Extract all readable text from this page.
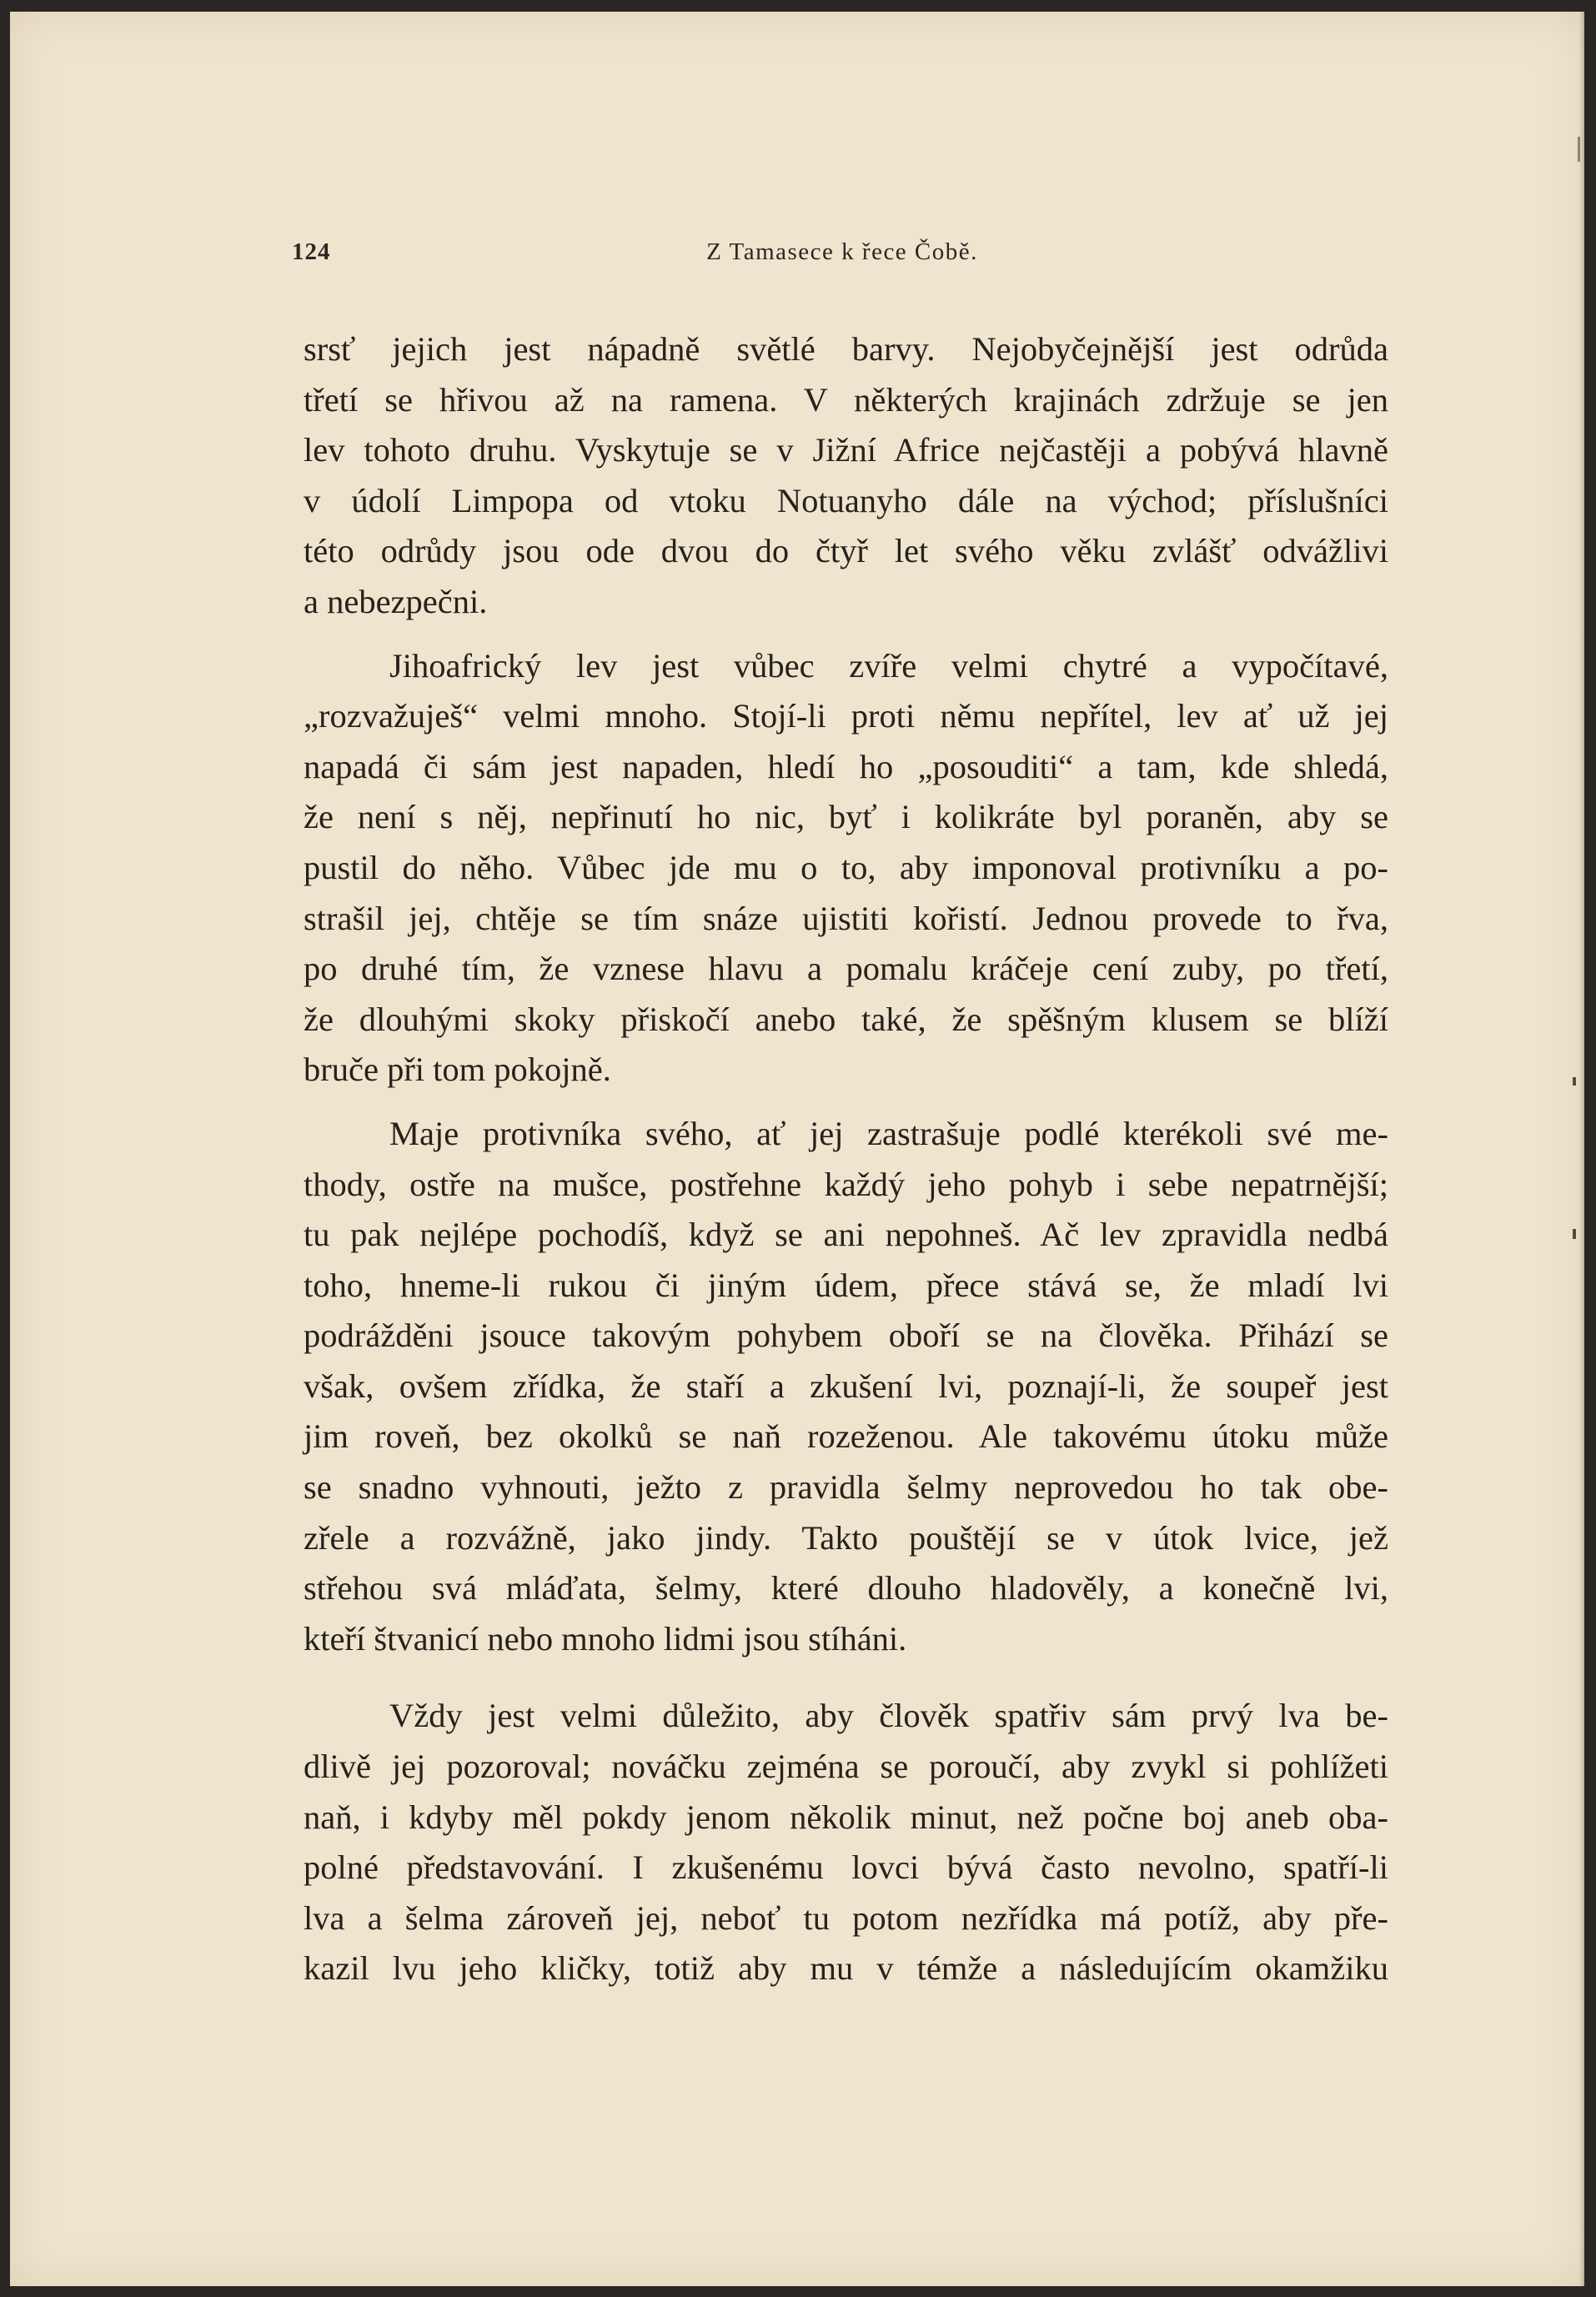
124	Z Tamasece k řece Čobě.
srsť jejich jest nápadně světlé barvy. Nejobyčejnější jest odrůda
třetí se hřivou až na ramena. V některých krajinách zdržuje se jen
lev tohoto druhu. Vyskytuje se v Jižní Africe nejčastěji a pobývá hlavně
v údolí Limpopa od vtoku Notuanyho dále na východ; příslušníci
této odrůdy jsou ode dvou do čtyř let svého věku zvlášť odvážlivi
a nebezpečni.
Jihoafrický lev jest vůbec zvíře velmi chytré a vypočítavé,
„rozvažuješ“ velmi mnoho. Stojí-li proti němu nepřítel, lev ať už jej
napadá či sám jest napaden, hledí ho „posouditi“ a tam, kde shledá,
že není s něj, nepřinutí ho nic, byť i kolikráte byl poraněn, aby se
pustil do něho. Vůbec jde mu o to, aby imponoval protivníku a po-
strašil jej, chtěje se tím snáze ujistiti kořistí. Jednou provede to řva,
po druhé tím, že vznese hlavu a pomalu kráčeje cení zuby, po třetí,
že dlouhými skoky přiskočí anebo také, že spěšným klusem se blíží
bruče při tom pokojně.
Maje protivníka svého, ať jej zastrašuje podlé kterékoli své me-
thody, ostře na mušce, postřehne každý jeho pohyb i sebe nepatrnější;
tu pak nejlépe pochodíš, když se ani nepohneš. Ač lev zpravidla nedbá
toho, hneme-li rukou či jiným údem, přece stává se, že mladí lvi
podrážděni jsouce takovým pohybem oboří se na člověka. Přihází se
však, ovšem zřídka, že staří a zkušení lvi, poznají-li, že soupeř jest
jim roveň, bez okolků se naň rozeženou. Ale takovému útoku může
se snadno vyhnouti, ježto z pravidla šelmy neprovedou ho tak obe-
zřele a rozvážně, jako jindy. Takto pouštějí se v útok lvice, jež
střehou svá mláďata, šelmy, které dlouho hladověly, a konečně lvi,
kteří štvanicí nebo mnoho lidmi jsou stíháni.
Vždy jest velmi důležito, aby člověk spatřiv sám prvý lva be-
dlivě jej pozoroval; nováčku zejména se poroučí, aby zvykl si pohlížeti
naň, i kdyby měl pokdy jenom několik minut, než počne boj aneb oba-
polné představování. I zkušenému lovci bývá často nevolno, spatří-li
lva a šelma zároveň jej, neboť tu potom nezřídka má potíž, aby pře-
kazil lvu jeho kličky, totiž aby mu v témže a následujícím okamžiku
